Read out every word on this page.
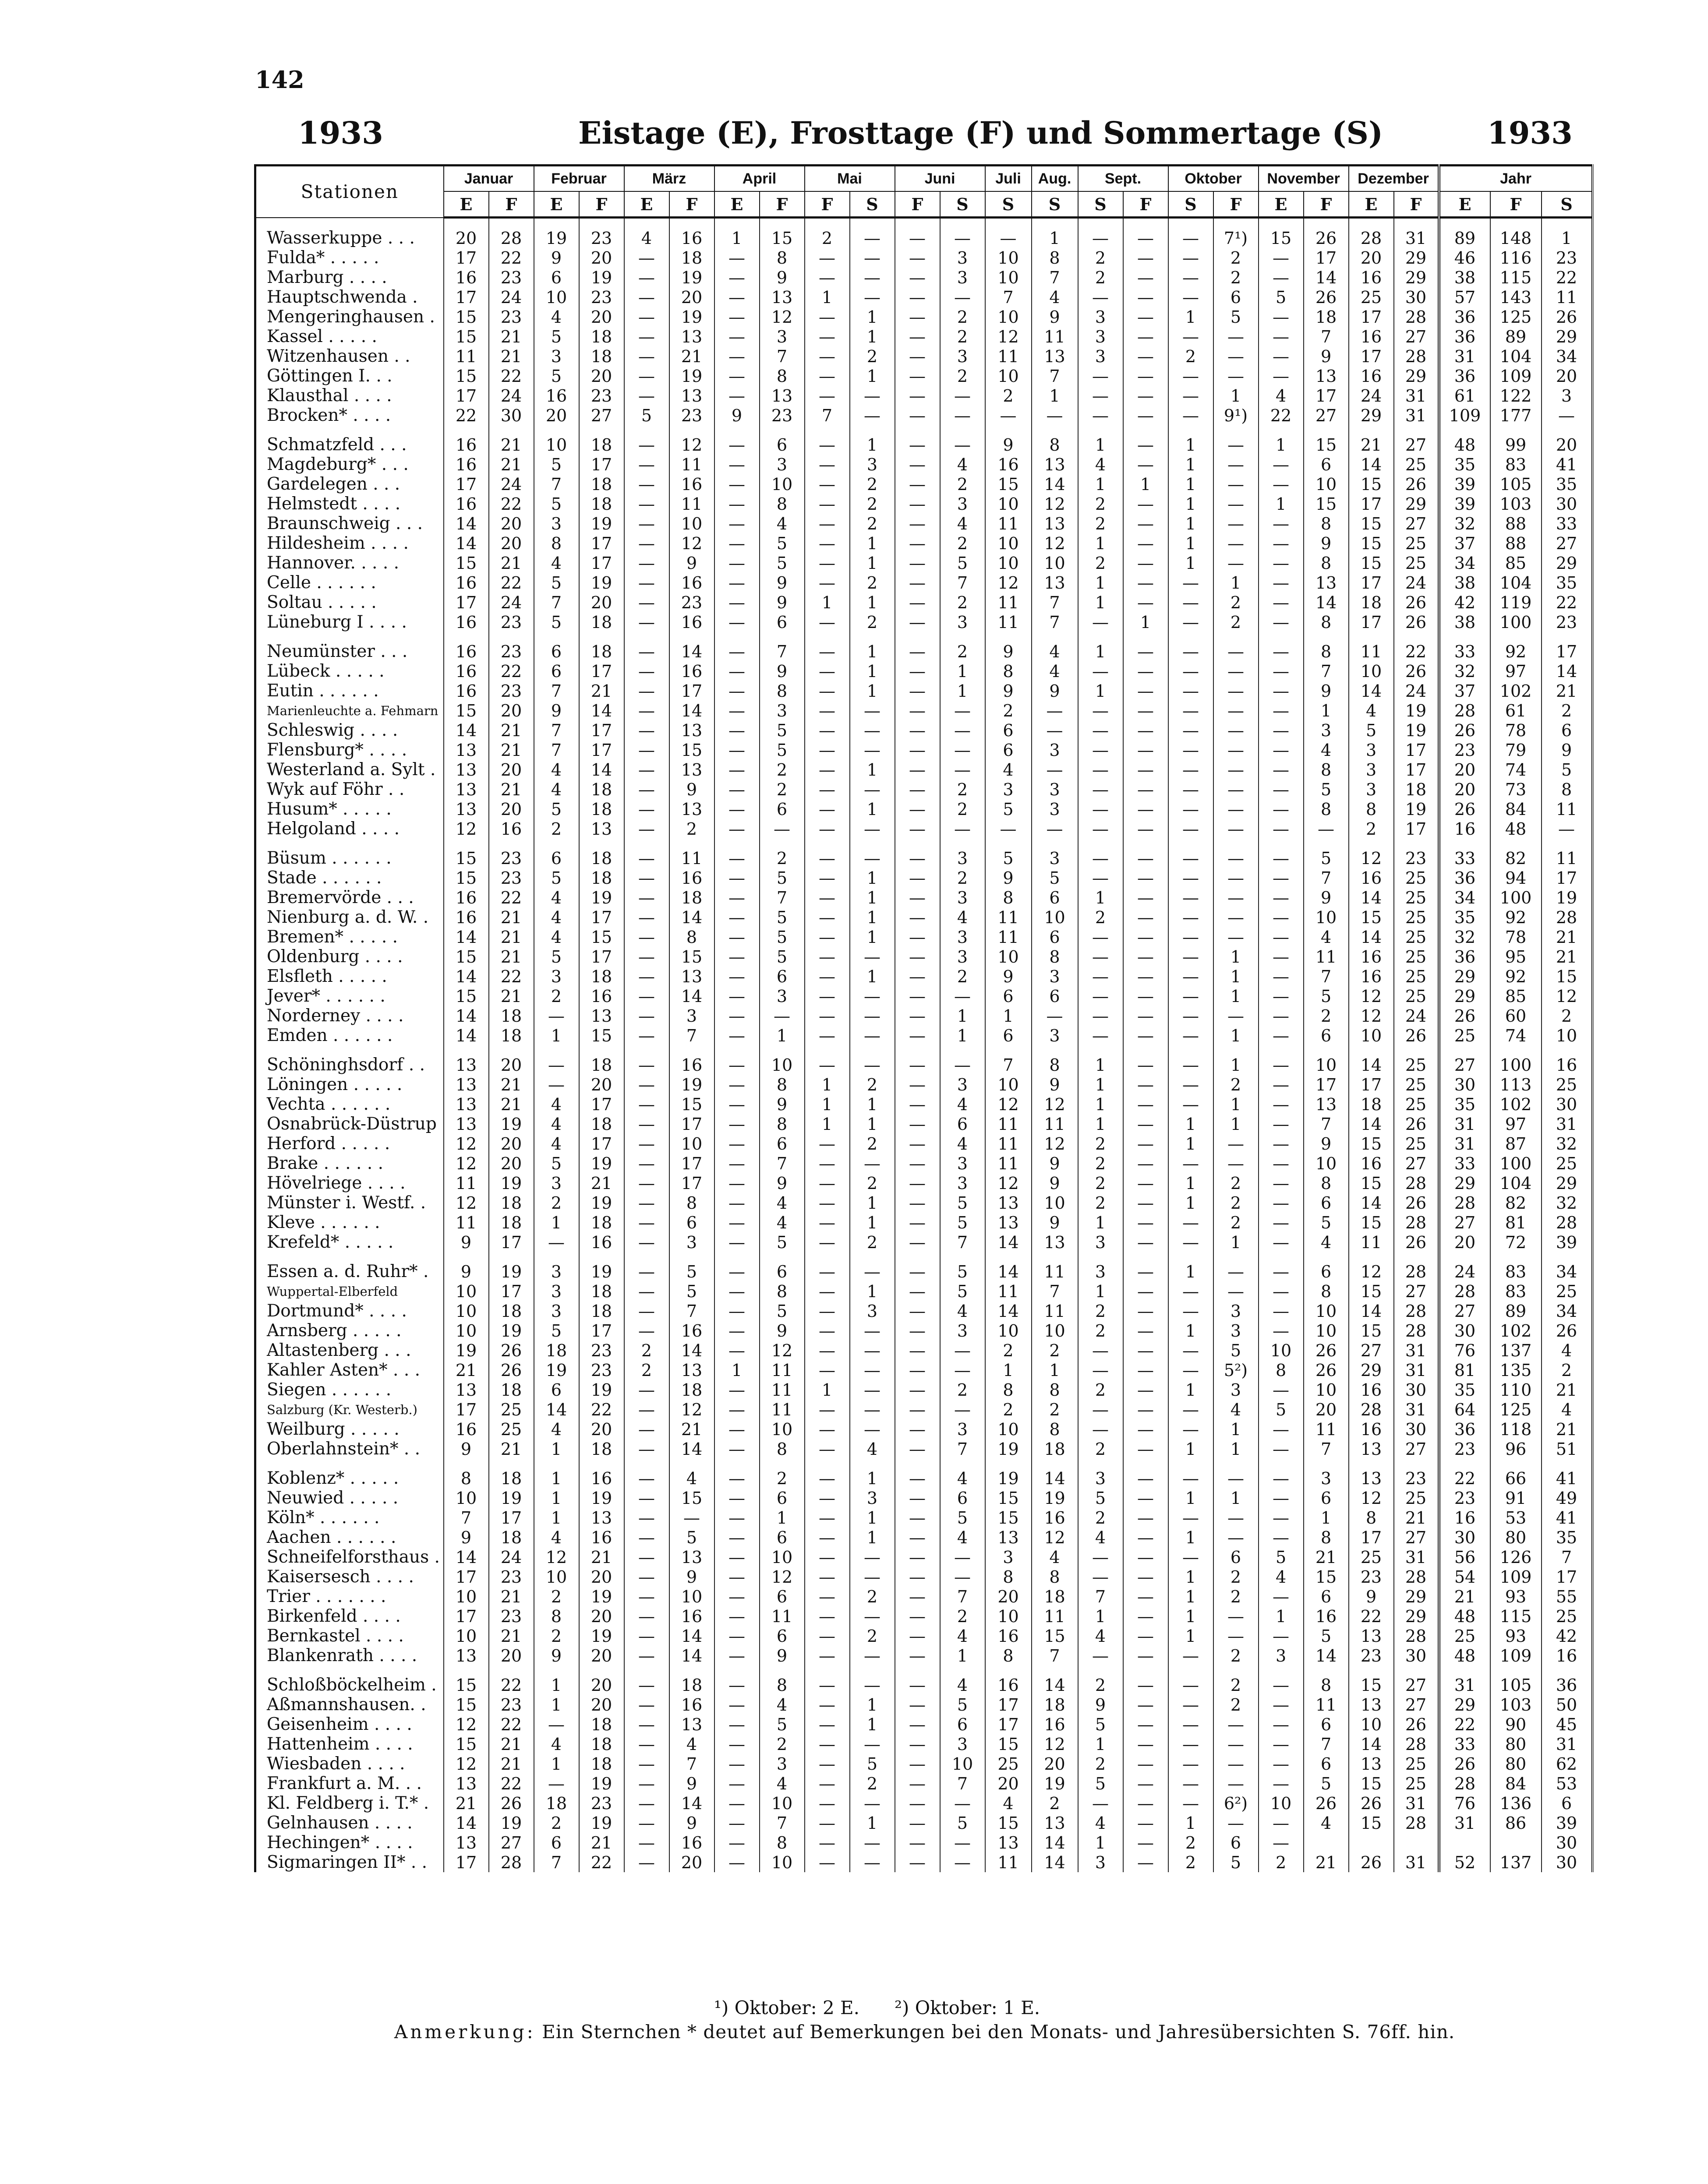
142
1933	Eistage (E), Frosttage (F) und Sommertage (S)	1933
Stationen	Januar		Februar		März		April		Mai		Juni		Juli	Aug.	Sept.		Oktober		November		Dezember		Jahr		
	E	F	E	F	E	F	E	F	F	S	F	S	S	S	S	F	S	F	E	F	E	F	E	F	S

Wasserkuppe . . .	20	28	19	23	4	16	1	15	2	—	—	—	—	1	—	—	—	7¹)	15	26	28	31	89	148	1
Fulda* . . . . .	17	22	9	20	—	18	—	8	—	—	—	3	10	8	2	—	—	2	—	17	20	29	46	116	23
Marburg . . . .	16	23	6	19	—	19	—	9	—	—	—	3	10	7	2	—	—	2	—	14	16	29	38	115	22
Hauptschwenda .	17	24	10	23	—	20	—	13	1	—	—	—	7	4	—	—	—	6	5	26	25	30	57	143	11
Mengeringhausen .	15	23	4	20	—	19	—	12	—	1	—	2	10	9	3	—	1	5	—	18	17	28	36	125	26
Kassel . . . . .	15	21	5	18	—	13	—	3	—	1	—	2	12	11	3	—	—	—	—	7	16	27	36	89	29
Witzenhausen . .	11	21	3	18	—	21	—	7	—	2	—	3	11	13	3	—	2	—	—	9	17	28	31	104	34
Göttingen I. . .	15	22	5	20	—	19	—	8	—	1	—	2	10	7	—	—	—	—	—	13	16	29	36	109	20
Klausthal . . . .	17	24	16	23	—	13	—	13	—	—	—	—	2	1	—	—	—	1	4	17	24	31	61	122	3
Brocken* . . . .	22	30	20	27	5	23	9	23	7	—	—	—	—	—	—	—	—	9¹)	22	27	29	31	109	177	—

Schmatzfeld . . .	16	21	10	18	—	12	—	6	—	1	—	—	9	8	1	—	1	—	1	15	21	27	48	99	20
Magdeburg* . . .	16	21	5	17	—	11	—	3	—	3	—	4	16	13	4	—	1	—	—	6	14	25	35	83	41
Gardelegen . . .	17	24	7	18	—	16	—	10	—	2	—	2	15	14	1	1	1	—	—	10	15	26	39	105	35
Helmstedt . . . .	16	22	5	18	—	11	—	8	—	2	—	3	10	12	2	—	1	—	1	15	17	29	39	103	30
Braunschweig . . .	14	20	3	19	—	10	—	4	—	2	—	4	11	13	2	—	1	—	—	8	15	27	32	88	33
Hildesheim . . . .	14	20	8	17	—	12	—	5	—	1	—	2	10	12	1	—	1	—	—	9	15	25	37	88	27
Hannover. . . . .	15	21	4	17	—	9	—	5	—	1	—	5	10	10	2	—	1	—	—	8	15	25	34	85	29
Celle . . . . . .	16	22	5	19	—	16	—	9	—	2	—	7	12	13	1	—	—	1	—	13	17	24	38	104	35
Soltau . . . . .	17	24	7	20	—	23	—	9	1	1	—	2	11	7	1	—	—	2	—	14	18	26	42	119	22
Lüneburg I . . . .	16	23	5	18	—	16	—	6	—	2	—	3	11	7	—	1	—	2	—	8	17	26	38	100	23

Neumünster . . .	16	23	6	18	—	14	—	7	—	1	—	2	9	4	1	—	—	—	—	8	11	22	33	92	17
Lübeck . . . . .	16	22	6	17	—	16	—	9	—	1	—	1	8	4	—	—	—	—	—	7	10	26	32	97	14
Eutin . . . . . .	16	23	7	21	—	17	—	8	—	1	—	1	9	9	1	—	—	—	—	9	14	24	37	102	21
Marienleuchte a. Fehmarn	15	20	9	14	—	14	—	3	—	—	—	—	2	—	—	—	—	—	—	1	4	19	28	61	2
Schleswig . . . .	14	21	7	17	—	13	—	5	—	—	—	—	6	—	—	—	—	—	—	3	5	19	26	78	6
Flensburg* . . . .	13	21	7	17	—	15	—	5	—	—	—	—	6	3	—	—	—	—	—	4	3	17	23	79	9
Westerland a. Sylt .	13	20	4	14	—	13	—	2	—	1	—	—	4	—	—	—	—	—	—	8	3	17	20	74	5
Wyk auf Föhr . .	13	21	4	18	—	9	—	2	—	—	—	2	3	3	—	—	—	—	—	5	3	18	20	73	8
Husum* . . . . .	13	20	5	18	—	13	—	6	—	1	—	2	5	3	—	—	—	—	—	8	8	19	26	84	11
Helgoland . . . .	12	16	2	13	—	2	—	—	—	—	—	—	—	—	—	—	—	—	—	—	2	17	16	48	—

Büsum . . . . . .	15	23	6	18	—	11	—	2	—	—	—	3	5	3	—	—	—	—	—	5	12	23	33	82	11
Stade . . . . . .	15	23	5	18	—	16	—	5	—	1	—	2	9	5	—	—	—	—	—	7	16	25	36	94	17
Bremervörde . . .	16	22	4	19	—	18	—	7	—	1	—	3	8	6	1	—	—	—	—	9	14	25	34	100	19
Nienburg a. d. W. .	16	21	4	17	—	14	—	5	—	1	—	4	11	10	2	—	—	—	—	10	15	25	35	92	28
Bremen* . . . . .	14	21	4	15	—	8	—	5	—	1	—	3	11	6	—	—	—	—	—	4	14	25	32	78	21
Oldenburg . . . .	15	21	5	17	—	15	—	5	—	—	—	3	10	8	—	—	—	1	—	11	16	25	36	95	21
Elsfleth . . . . .	14	22	3	18	—	13	—	6	—	1	—	2	9	3	—	—	—	1	—	7	16	25	29	92	15
Jever* . . . . . .	15	21	2	16	—	14	—	3	—	—	—	—	6	6	—	—	—	1	—	5	12	25	29	85	12
Norderney . . . .	14	18	—	13	—	3	—	—	—	—	—	1	1	—	—	—	—	—	—	2	12	24	26	60	2
Emden . . . . . .	14	18	1	15	—	7	—	1	—	—	—	1	6	3	—	—	—	1	—	6	10	26	25	74	10

Schöninghsdorf . .	13	20	—	18	—	16	—	10	—	—	—	—	7	8	1	—	—	1	—	10	14	25	27	100	16
Löningen . . . . .	13	21	—	20	—	19	—	8	1	2	—	3	10	9	1	—	—	2	—	17	17	25	30	113	25
Vechta . . . . . .	13	21	4	17	—	15	—	9	1	1	—	4	12	12	1	—	—	1	—	13	18	25	35	102	30
Osnabrück-Düstrup	13	19	4	18	—	17	—	8	1	1	—	6	11	11	1	—	1	1	—	7	14	26	31	97	31
Herford . . . . .	12	20	4	17	—	10	—	6	—	2	—	4	11	12	2	—	1	—	—	9	15	25	31	87	32
Brake . . . . . .	12	20	5	19	—	17	—	7	—	—	—	3	11	9	2	—	—	—	—	10	16	27	33	100	25
Hövelriege . . . .	11	19	3	21	—	17	—	9	—	2	—	3	12	9	2	—	1	2	—	8	15	28	29	104	29
Münster i. Westf. .	12	18	2	19	—	8	—	4	—	1	—	5	13	10	2	—	1	2	—	6	14	26	28	82	32
Kleve . . . . . .	11	18	1	18	—	6	—	4	—	1	—	5	13	9	1	—	—	2	—	5	15	28	27	81	28
Krefeld* . . . . .	9	17	—	16	—	3	—	5	—	2	—	7	14	13	3	—	—	1	—	4	11	26	20	72	39

Essen a. d. Ruhr* .	9	19	3	19	—	5	—	6	—	—	—	5	14	11	3	—	1	—	—	6	12	28	24	83	34
Wuppertal-Elberfeld	10	17	3	18	—	5	—	8	—	1	—	5	11	7	1	—	—	—	—	8	15	27	28	83	25
Dortmund* . . . .	10	18	3	18	—	7	—	5	—	3	—	4	14	11	2	—	—	3	—	10	14	28	27	89	34
Arnsberg . . . . .	10	19	5	17	—	16	—	9	—	—	—	3	10	10	2	—	1	3	—	10	15	28	30	102	26
Altastenberg . . .	19	26	18	23	2	14	—	12	—	—	—	—	2	2	—	—	—	5	10	26	27	31	76	137	4
Kahler Asten* . . .	21	26	19	23	2	13	1	11	—	—	—	—	1	1	—	—	—	5²)	8	26	29	31	81	135	2
Siegen . . . . . .	13	18	6	19	—	18	—	11	1	—	—	2	8	8	2	—	1	3	—	10	16	30	35	110	21
Salzburg (Kr. Westerb.)	17	25	14	22	—	12	—	11	—	—	—	—	2	2	—	—	—	4	5	20	28	31	64	125	4
Weilburg . . . . .	16	25	4	20	—	21	—	10	—	—	—	3	10	8	—	—	—	1	—	11	16	30	36	118	21
Oberlahnstein* . .	9	21	1	18	—	14	—	8	—	4	—	7	19	18	2	—	1	1	—	7	13	27	23	96	51

Koblenz* . . . . .	8	18	1	16	—	4	—	2	—	1	—	4	19	14	3	—	—	—	—	3	13	23	22	66	41
Neuwied . . . . .	10	19	1	19	—	15	—	6	—	3	—	6	15	19	5	—	1	1	—	6	12	25	23	91	49
Köln* . . . . . .	7	17	1	13	—	—	—	1	—	1	—	5	15	16	2	—	—	—	—	1	8	21	16	53	41
Aachen . . . . . .	9	18	4	16	—	5	—	6	—	1	—	4	13	12	4	—	1	—	—	8	17	27	30	80	35
Schneifelforsthaus .	14	24	12	21	—	13	—	10	—	—	—	—	3	4	—	—	—	6	5	21	25	31	56	126	7
Kaisersesch . . . .	17	23	10	20	—	9	—	12	—	—	—	—	8	8	—	—	1	2	4	15	23	28	54	109	17
Trier . . . . . . .	10	21	2	19	—	10	—	6	—	2	—	7	20	18	7	—	1	2	—	6	9	29	21	93	55
Birkenfeld . . . .	17	23	8	20	—	16	—	11	—	—	—	2	10	11	1	—	1	—	1	16	22	29	48	115	25
Bernkastel . . . .	10	21	2	19	—	14	—	6	—	2	—	4	16	15	4	—	1	—	—	5	13	28	25	93	42
Blankenrath . . . .	13	20	9	20	—	14	—	9	—	—	—	1	8	7	—	—	—	2	3	14	23	30	48	109	16

Schloßböckelheim .	15	22	1	20	—	18	—	8	—	—	—	4	16	14	2	—	—	2	—	8	15	27	31	105	36
Aßmannshausen. .	15	23	1	20	—	16	—	4	—	1	—	5	17	18	9	—	—	2	—	11	13	27	29	103	50
Geisenheim . . . .	12	22	—	18	—	13	—	5	—	1	—	6	17	16	5	—	—	—	—	6	10	26	22	90	45
Hattenheim . . . .	15	21	4	18	—	4	—	2	—	—	—	3	15	12	1	—	—	—	—	7	14	28	33	80	31
Wiesbaden . . . .	12	21	1	18	—	7	—	3	—	5	—	10	25	20	2	—	—	—	—	6	13	25	26	80	62
Frankfurt a. M. . .	13	22	—	19	—	9	—	4	—	2	—	7	20	19	5	—	—	—	—	5	15	25	28	84	53
Kl. Feldberg i. T.* .	21	26	18	23	—	14	—	10	—	—	—	—	4	2	—	—	—	6²)	10	26	26	31	76	136	6
Gelnhausen . . . .	14	19	2	19	—	9	—	7	—	1	—	5	15	13	4	—	1	—	—	4	15	28	31	86	39
Hechingen* . . . .	13	27	6	21	—	16	—	8	—	—	—	—	13	14	1	—	2	6	—						30
Sigmaringen II* . .	17	28	7	22	—	20	—	10	—	—	—	—	11	14	3	—	2	5	2	21	26	31	52	137	30
¹) Oktober: 2 E.      ²) Oktober: 1 E.
Anmerkung: Ein Sternchen * deutet auf Bemerkungen bei den Monats- und Jahresübersichten S. 76ff. hin.
